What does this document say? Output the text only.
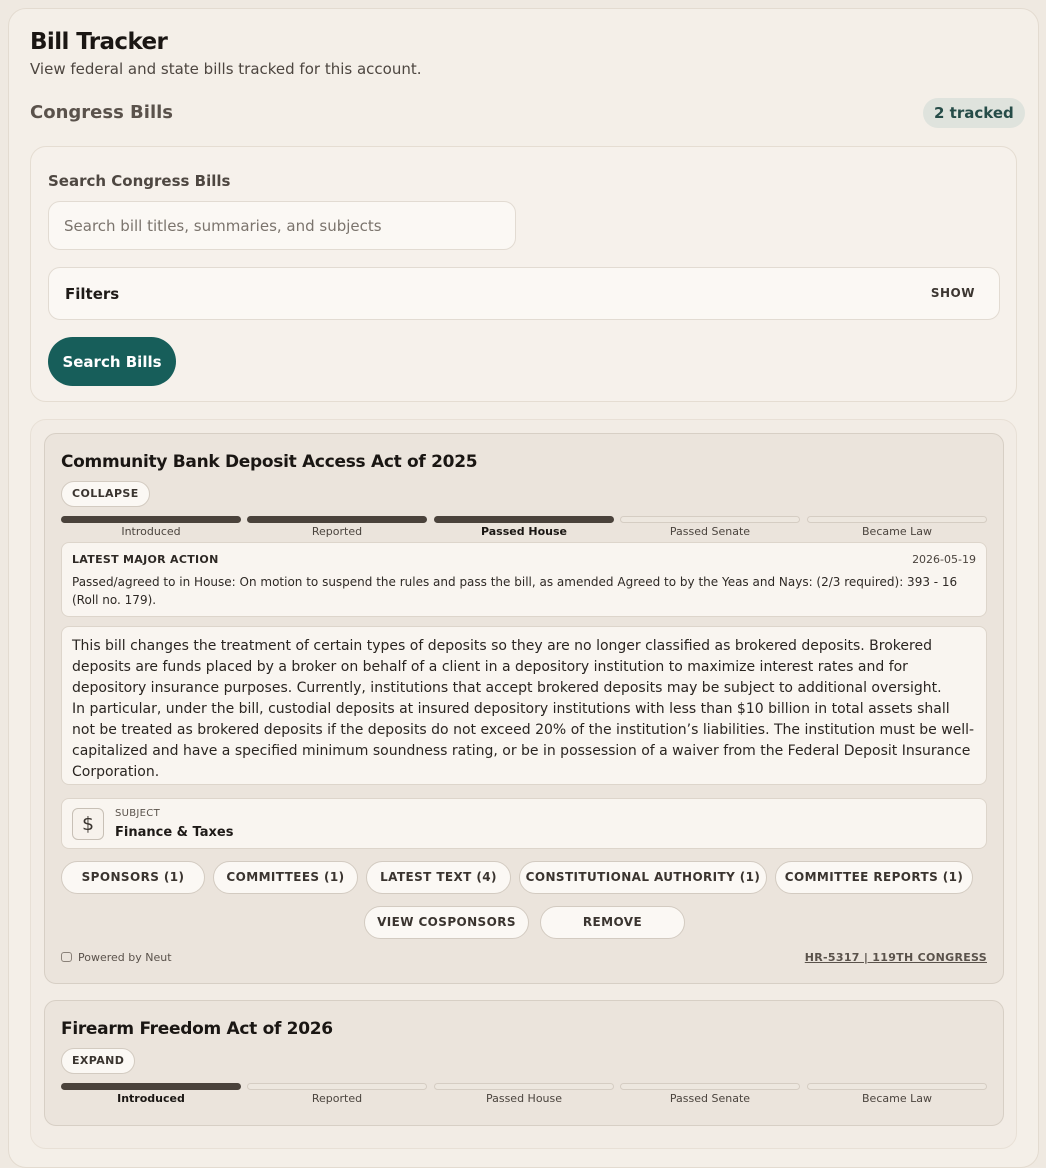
Bill Tracker
View federal and state bills tracked for this account.
Congress Bills	2 tracked
Search Congress Bills
Search bill titles, summaries, and subjects
Filters	SHOW
Search Bills
Community Bank Deposit Access Act of 2025
COLLAPSE
Introduced	Reported	Passed House	Passed Senate	Became Law
LATEST MAJOR ACTION	2026-05-19
Passed/agreed to in House: On motion to suspend the rules and pass the bill, as amended Agreed to by the Yeas and Nays: (2/3 required): 393 - 16 (Roll no. 179).

This bill changes the treatment of certain types of deposits so they are no longer classified as brokered deposits. Brokered deposits are funds placed by a broker on behalf of a client in a depository institution to maximize interest rates and for depository insurance purposes. Currently, institutions that accept brokered deposits may be subject to additional oversight.

In particular, under the bill, custodial deposits at insured depository institutions with less than $10 billion in total assets shall not be treated as brokered deposits if the deposits do not exceed 20% of the institution’s liabilities. The institution must be well-capitalized and have a specified minimum soundness rating, or be in possession of a waiver from the Federal Deposit Insurance Corporation.

$	SUBJECT
Finance & Taxes
SPONSORS (1)	COMMITTEES (1)	LATEST TEXT (4)	CONSTITUTIONAL AUTHORITY (1)	COMMITTEE REPORTS (1)
VIEW COSPONSORS	REMOVE
Powered by Neut	HR-5317 | 119TH CONGRESS
Firearm Freedom Act of 2026
EXPAND
Introduced	Reported	Passed House	Passed Senate	Became Law
